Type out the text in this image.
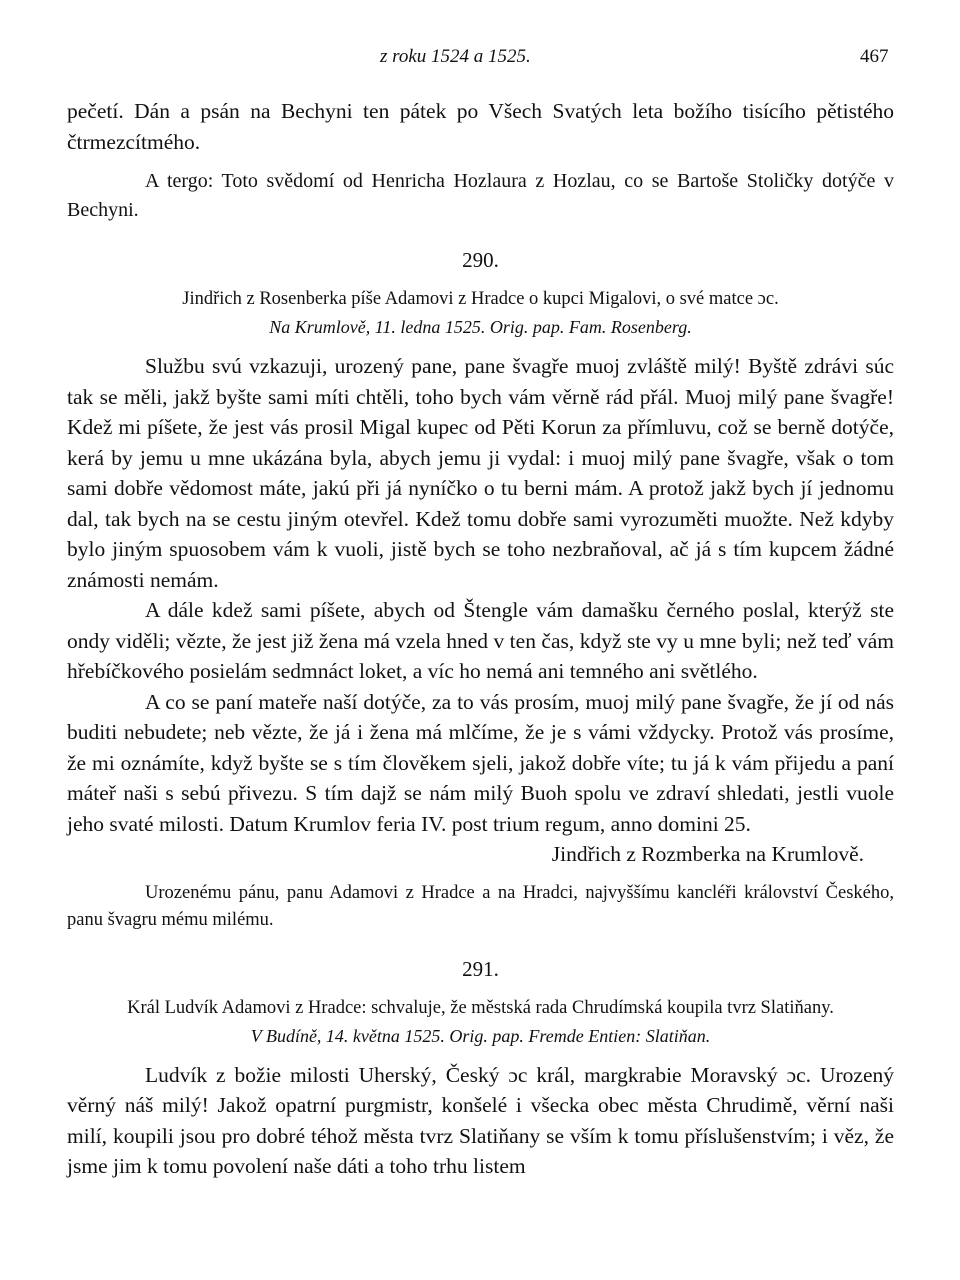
z roku 1524 a 1525.	467

pečetí. Dán a psán na Bechyni ten pátek po Všech Svatých leta božího tisícího pětistého čtrmezcítmého.

A tergo: Toto svědomí od Henricha Hozlaura z Hozlau, co se Bartoše Stoličky dotýče v Bechyni.

290.

Jindřich z Rosenberka píše Adamovi z Hradce o kupci Migalovi, o své matce ɔc.

Na Krumlově, 11. ledna 1525. Orig. pap. Fam. Rosenberg.

Službu svú vzkazuji, urozený pane, pane švagře muoj zvláště milý! Byště zdrávi súc tak se měli, jakž byšte sami míti chtěli, toho bych vám věrně rád přál. Muoj milý pane švagře! Kdež mi píšete, že jest vás prosil Migal kupec od Pěti Korun za přímluvu, což se berně dotýče, kerá by jemu u mne ukázána byla, abych jemu ji vydal: i muoj milý pane švagře, však o tom sami dobře vědomost máte, jakú při já nyníčko o tu berni mám. A protož jakž bych jí jednomu dal, tak bych na se cestu jiným otevřel. Kdež tomu dobře sami vyrozuměti muožte. Než kdyby bylo jiným spuosobem vám k vuoli, jistě bych se toho nezbraňoval, ač já s tím kupcem žádné známosti nemám.

A dále kdež sami píšete, abych od Štengle vám damašku černého poslal, kterýž ste ondy viděli; vězte, že jest již žena má vzela hned v ten čas, když ste vy u mne byli; než teď vám hřebíčkového posielám sedmnáct loket, a víc ho nemá ani temného ani světlého.

A co se paní mateře naší dotýče, za to vás prosím, muoj milý pane švagře, že jí od nás buditi nebudete; neb vězte, že já i žena má mlčíme, že je s vámi vždycky. Protož vás prosíme, že mi oznámíte, když byšte se s tím člověkem sjeli, jakož dobře víte; tu já k vám přijedu a paní máteř naši s sebú přivezu. S tím dajž se nám milý Buoh spolu ve zdraví shledati, jestli vuole jeho svaté milosti. Datum Krumlov feria IV. post trium regum, anno domini 25.

Jindřich z Rozmberka na Krumlově.

Urozenému pánu, panu Adamovi z Hradce a na Hradci, najvyššímu kancléři království Českého, panu švagru mému milému.

291.

Král Ludvík Adamovi z Hradce: schvaluje, že městská rada Chrudímská koupila tvrz Slatiňany.

V Budíně, 14. května 1525. Orig. pap. Fremde Entien: Slatiňan.

Ludvík z božie milosti Uherský, Český ɔc král, margkrabie Moravský ɔc. Urozený věrný náš milý! Jakož opatrní purgmistr, konšelé i všecka obec města Chrudimě, věrní naši milí, koupili jsou pro dobré téhož města tvrz Slatiňany se vším k tomu příslušenstvím; i věz, že jsme jim k tomu povolení naše dáti a toho trhu listem
